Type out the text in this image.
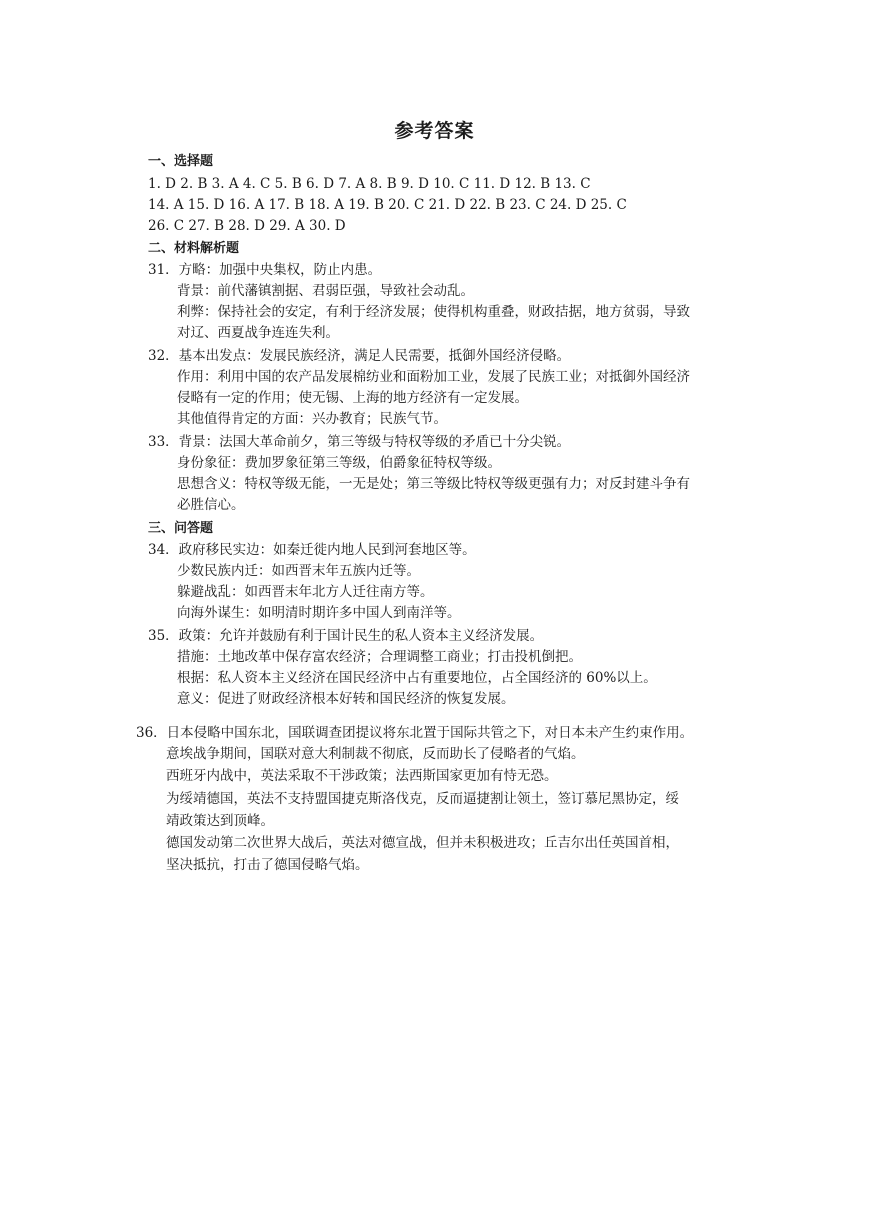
参考答案
一、选择题
1. D 2. B 3. A 4. C 5. B 6. D 7. A 8. B 9. D 10. C 11. D 12. B 13. C
14. A 15. D 16. A 17. B 18. A 19. B 20. C 21. D 22. B 23. C 24. D 25. C
26. C 27. B 28. D 29. A 30. D
二、材料解析题
31．方略：加强中央集权，防止内患。
背景：前代藩镇割据、君弱臣强，导致社会动乱。
利弊：保持社会的安定，有利于经济发展；使得机构重叠，财政拮据，地方贫弱，导致
对辽、西夏战争连连失利。
32．基本出发点：发展民族经济，满足人民需要，抵御外国经济侵略。
作用：利用中国的农产品发展棉纺业和面粉加工业，发展了民族工业；对抵御外国经济
侵略有一定的作用；使无锡、上海的地方经济有一定发展。
其他值得肯定的方面：兴办教育；民族气节。
33．背景：法国大革命前夕，第三等级与特权等级的矛盾已十分尖锐。
身份象征：费加罗象征第三等级，伯爵象征特权等级。
思想含义：特权等级无能，一无是处；第三等级比特权等级更强有力；对反封建斗争有
必胜信心。
三、问答题
34．政府移民实边：如秦迁徙内地人民到河套地区等。
少数民族内迁：如西晋末年五族内迁等。
躲避战乱：如西晋末年北方人迁往南方等。
向海外谋生：如明清时期许多中国人到南洋等。
35．政策：允许并鼓励有利于国计民生的私人资本主义经济发展。
措施：土地改革中保存富农经济；合理调整工商业；打击投机倒把。
根据：私人资本主义经济在国民经济中占有重要地位，占全国经济的 60%以上。
意义：促进了财政经济根本好转和国民经济的恢复发展。
36．日本侵略中国东北，国联调查团提议将东北置于国际共管之下，对日本未产生约束作用。
意埃战争期间，国联对意大利制裁不彻底，反而助长了侵略者的气焰。
西班牙内战中，英法采取不干涉政策；法西斯国家更加有恃无恐。
为绥靖德国，英法不支持盟国捷克斯洛伐克，反而逼捷割让领土，签订慕尼黑协定，绥
靖政策达到顶峰。
德国发动第二次世界大战后，英法对德宣战，但并未积极进攻；丘吉尔出任英国首相，
坚决抵抗，打击了德国侵略气焰。
